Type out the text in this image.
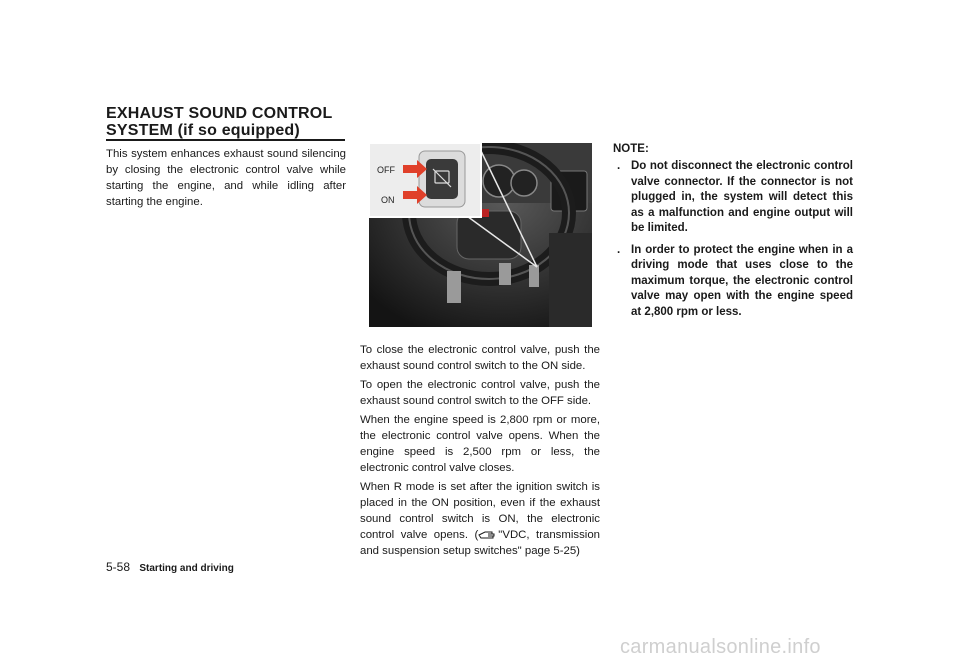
EXHAUST SOUND CONTROL
SYSTEM (if so equipped)

This system enhances exhaust sound silencing by closing the electronic control valve while starting the engine, and while idling after starting the engine.

OFF
ON

To close the electronic control valve, push the exhaust sound control switch to the ON side.

To open the electronic control valve, push the exhaust sound control switch to the OFF side.

When the engine speed is 2,800 rpm or more, the electronic control valve opens. When the engine speed is 2,500 rpm or less, the electronic control valve closes.

When R mode is set after the ignition switch is placed in the ON position, even if the exhaust sound control switch is ON, the electronic control valve opens. ( "VDC, transmission and suspension setup switches" page 5-25)

NOTE:
. Do not disconnect the electronic control valve connector. If the connector is not plugged in, the system will detect this as a malfunction and engine output will be limited.
. In order to protect the engine when in a driving mode that uses close to the maximum torque, the electronic control valve may open with the engine speed at 2,800 rpm or less.
5-58 Starting and driving
carmanualsonline.info
